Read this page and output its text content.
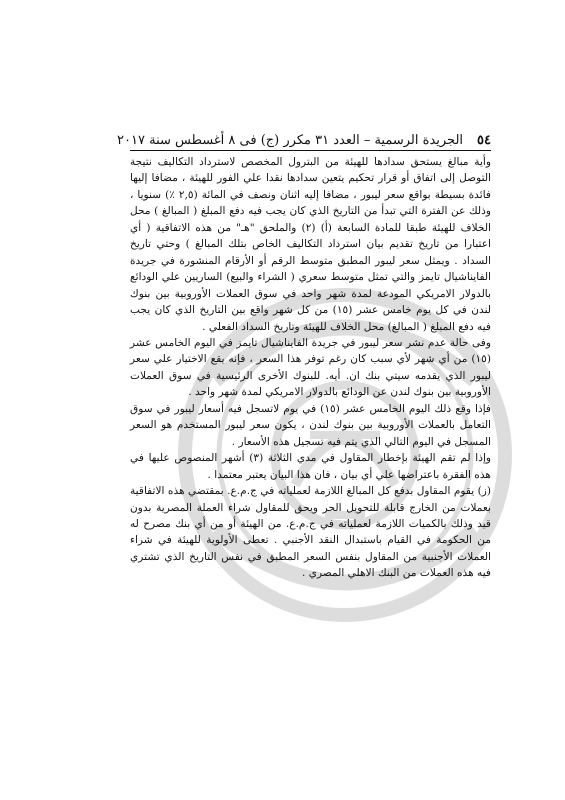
٥٤
الجريدة الرسمية – العدد ٣١ مكرر (ج) فى ٨ أغسطس سنة ٢٠١٧

وأية مبالغ يستحق سدادها للهيئة من البترول المخصص لاسترداد التكاليف نتيجة التوصل إلى اتفاق أو قرار تحكيم يتعين سدادها نقدا علي الفور للهيئة ، مضافا إليها فائدة بسيطة بواقع سعر ليبور ، مضافا إليه اثنان ونصف في المائة (٢,٥ ٪) سنويا ، وذلك عن الفترة التي تبدأ من التاريخ الذي كان يجب فيه دفع المبلغ ( المبالغ ) محل الخلاف للهيئة طبقا للمادة السابعة (أ) (٢) والملحق "هـ" من هذه الاتفاقية ( أي اعتبارا من تاريخ تقديم بيان استرداد التكاليف الخاص بتلك المبالغ ) وحتي تاريخ السداد . ويمثل سعر ليبور المطبق متوسط الرقم أو الأرقام المنشورة في جريدة الفايناشيال تايمز والتي تمثل متوسط سعري ( الشراء والبيع) الساريين علي الودائع بالدولار الامريكي المودعة لمدة شهر واحد في سوق العملات الأوروبية بين بنوك لندن في كل يوم خامس عشر (١٥) من كل شهر واقع بين التاريخ الذي كان يجب فيه دفع المبلغ ( المبالغ) محل الخلاف للهيئة وتاريخ السداد الفعلي .

وفى حالة عدم نشر سعر ليبور في جريدة الفايناشيال تايمز في اليوم الخامس عشر (١٥) من أي شهر لأي سبب كان رغم توفر هذا السعر ، فإنه يقع الاختيار علي سعر ليبور الذي يقدمه سيتي بنك ان. أيه. للبنوك الأخرى الرئيسية في سوق العملات الأوروبية بين بنوك لندن عن الودائع بالدولار الامريكي لمدة شهر واحد .

فإذا وقع ذلك اليوم الخامس عشر (١٥) في يوم لاتسجل فيه أسعار ليبور في سوق التعامل بالعملات الأوروبية بين بنوك لندن ، يكون سعر ليبور المستخدم هو السعر المسجل في اليوم التالي الذي يتم فيه تسجيل هذه الأسعار .

وإذا لم تقم الهيئة بإخطار المقاول في مدي الثلاثة (٣) أشهر المنصوص عليها في هذه الفقرة باعتراضها علي أي بيان ، فان هذا البيان يعتبر معتمدا .

(ز) يقوم المقاول بدفع كل المبالغ اللازمة لعملياته في ج.م.ع. بمقتضي هذه الاتفاقية بعملات من الخارج قابلة للتحويل الحر ويحق للمقاول شراء العملة المصرية بدون قيد وذلك بالكميات اللازمة لعملياته في ج.م.ع. من الهيئة أو من أي بنك مصرح له من الحكومة في القيام باستبدال النقد الأجنبي . تعطى الأولوية للهيئة في شراء العملات الأجنبية من المقاول بنفس السعر المطبق في نفس التاريخ الذي تشتري فيه هذه العملات من البنك الاهلي المصري .
